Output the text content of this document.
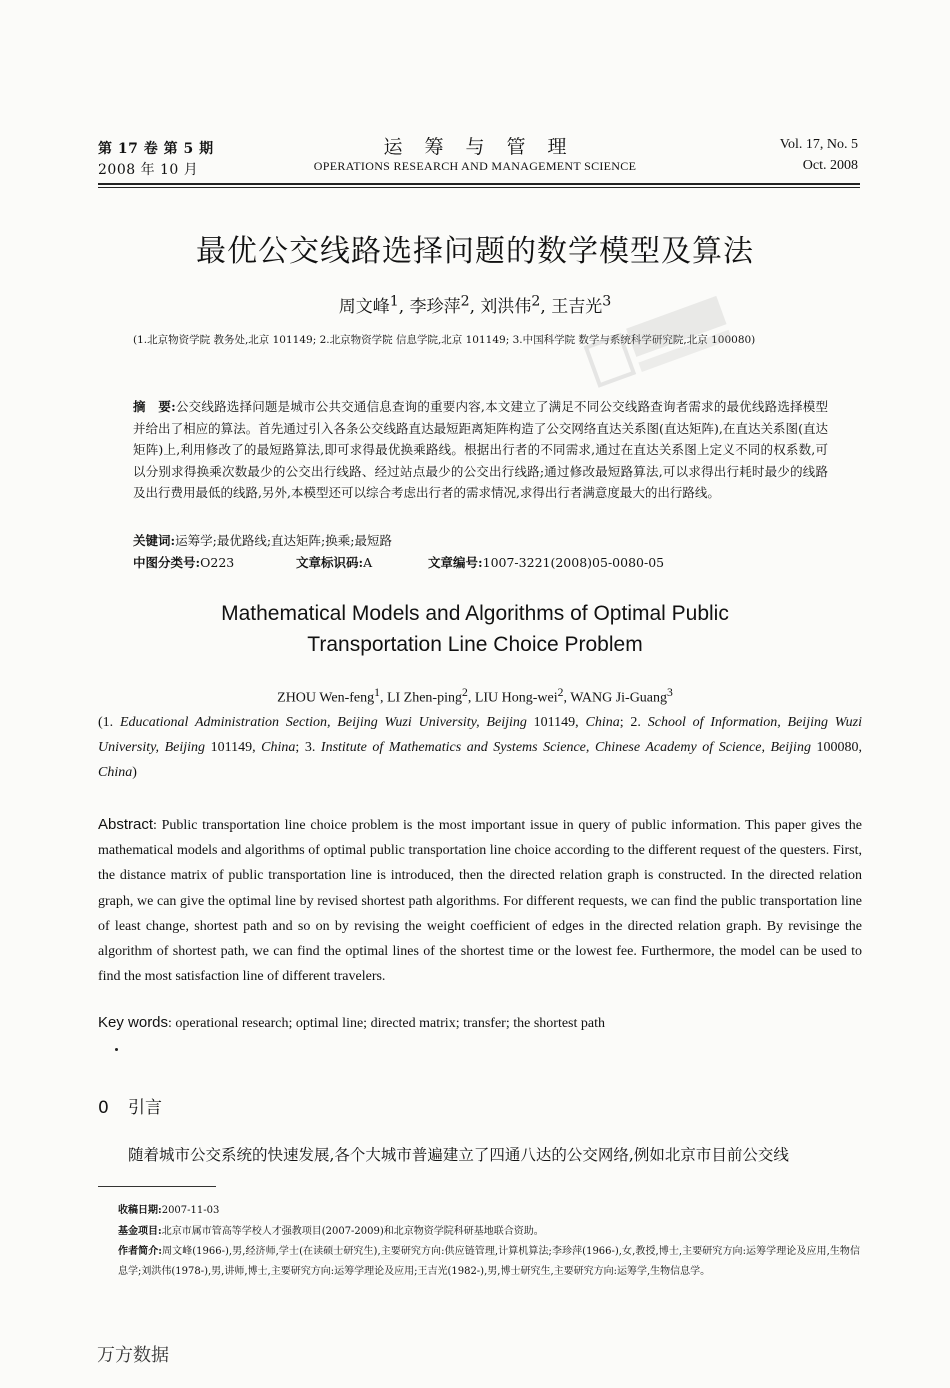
第 17 卷 第 5 期
2008 年 10 月
运筹与管理
OPERATIONS RESEARCH AND MANAGEMENT SCIENCE
Vol. 17, No. 5
Oct. 2008
最优公交线路选择问题的数学模型及算法
周文峰$^1$, 李珍萍$^2$, 刘洪伟$^2$, 王吉光$^3$
(1.北京物资学院 教务处,北京 101149; 2.北京物资学院 信息学院,北京 101149; 3.中国科学院 数学与系统科学研究院,北京 100080)
摘　要:公交线路选择问题是城市公共交通信息查询的重要内容,本文建立了满足不同公交线路查询者需求的最优线路选择模型并给出了相应的算法。首先通过引入各条公交线路直达最短距离矩阵构造了公交网络直达关系图(直达矩阵),在直达关系图(直达矩阵)上,利用修改了的最短路算法,即可求得最优换乘路线。根据出行者的不同需求,通过在直达关系图上定义不同的权系数,可以分别求得换乘次数最少的公交出行线路、经过站点最少的公交出行线路;通过修改最短路算法,可以求得出行耗时最少的线路及出行费用最低的线路,另外,本模型还可以综合考虑出行者的需求情况,求得出行者满意度最大的出行路线。
关键词:运筹学;最优路线;直达矩阵;换乘;最短路
中图分类号:O223	文章标识码:A	文章编号:1007-3221(2008)05-0080-05
Mathematical Models and Algorithms of Optimal Public
Transportation Line Choice Problem
ZHOU Wen-feng$^1$, LI Zhen-ping$^2$, LIU Hong-wei$^2$, WANG Ji-Guang$^3$
(1. Educational Administration Section, Beijing Wuzi University, Beijing 101149, China; 2. School of Information, Beijing Wuzi University, Beijing 101149, China; 3. Institute of Mathematics and Systems Science, Chinese Academy of Science, Beijing 100080, China)
Abstract: Public transportation line choice problem is the most important issue in query of public information. This paper gives the mathematical models and algorithms of optimal public transportation line choice according to the different request of the questers. First, the distance matrix of public transportation line is introduced, then the directed relation graph is constructed. In the directed relation graph, we can give the optimal line by revised shortest path algorithms. For different requests, we can find the public transportation line of least change, shortest path and so on by revising the weight coefficient of edges in the directed relation graph. By revisinge the algorithm of shortest path, we can find the optimal lines of the shortest time or the lowest fee. Furthermore, the model can be used to find the most satisfaction line of different travelers.
Key words: operational research; optimal line; directed matrix; transfer; the shortest path
0 引言
随着城市公交系统的快速发展,各个大城市普遍建立了四通八达的公交网络,例如北京市目前公交线
收稿日期:2007-11-03
基金项目:北京市属市管高等学校人才强教项目(2007-2009)和北京物资学院科研基地联合资助。
作者简介:周文峰(1966-),男,经济师,学士(在读硕士研究生),主要研究方向:供应链管理,计算机算法;李珍萍(1966-),女,教授,博士,主要研究方向:运筹学理论及应用,生物信息学;刘洪伟(1978-),男,讲师,博士,主要研究方向:运筹学理论及应用;王吉光(1982-),男,博士研究生,主要研究方向:运筹学,生物信息学。
万方数据
